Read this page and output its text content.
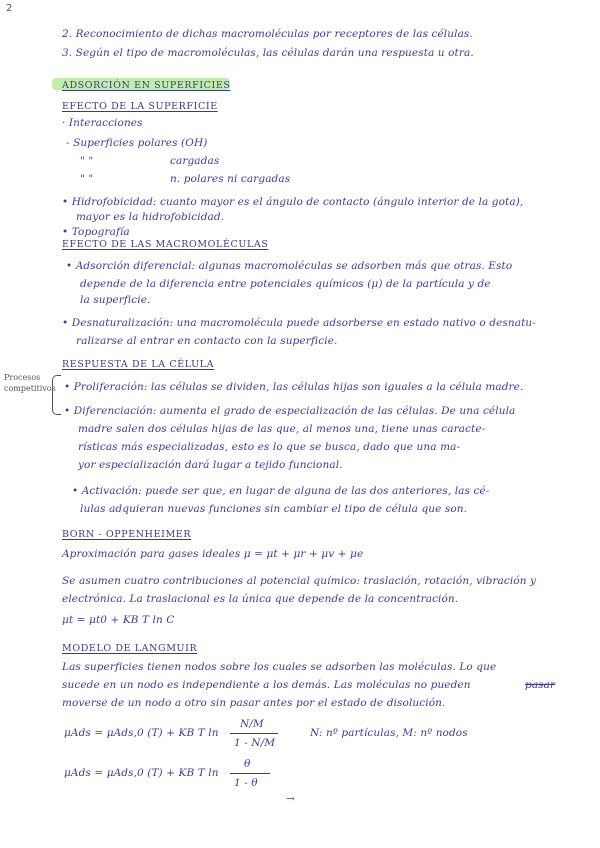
2
2. Reconocimiento de dichas macromoléculas por receptores de las células.
3. Según el tipo de macromoléculas, las células darán una respuesta u otra.
ADSORCIÓN EN SUPERFICIES
EFECTO DE LA SUPERFICIE
· Interacciones
- Superficies polares (OH)
" "	cargadas
" "	n. polares ni cargadas
• Hidrofobicidad: cuanto mayor es el ángulo de contacto (ángulo interior de la gota),
mayor es la hidrofobicidad.
• Topografía
EFECTO DE LAS MACROMOLÉCULAS
• Adsorción diferencial: algunas macromoléculas se adsorben más que otras. Esto
depende de la diferencia entre potenciales químicos (μ) de la partícula y de
la superficie.
• Desnaturalización: una macromolécula puede adsorberse en estado nativo o desnatu-
ralizarse al entrar en contacto con la superficie.
RESPUESTA DE LA CÉLULA
Procesos
competitivos • Proliferación: las células se dividen, las células hijas son iguales a la célula madre.
• Diferenciación: aumenta el grado de especialización de las células. De una célula
madre salen dos células hijas de las que, al menos una, tiene unas caracte-
rísticas más especializadas, esto es lo que se busca, dado que una ma-
yor especialización dará lugar a tejido funcional.
• Activación: puede ser que, en lugar de alguna de las dos anteriores, las cé-
lulas adquieran nuevas funciones sin cambiar el tipo de célula que son.
BORN - OPPENHEIMER
Aproximación para gases ideales μ = μt + μr + μv + μe
Se asumen cuatro contribuciones al potencial químico: traslación, rotación, vibración y
electrónica. La traslacional es la única que depende de la concentración.
μt = μt0 + KB T ln C
MODELO DE LANGMUIR
Las superficies tienen nodos sobre los cuales se adsorben las moléculas. Lo que
sucede en un nodo es independiente a los demás. Las moléculas no pueden	pasar
moverse de un nodo a otro sin pasar antes por el estado de disolución.
μAds = μAds,0 (T) + KB T ln
N/M
1 - N/M
N: nº partículas, M: nº nodos
μAds = μAds,0 (T) + KB T ln
θ
1 - θ
→
